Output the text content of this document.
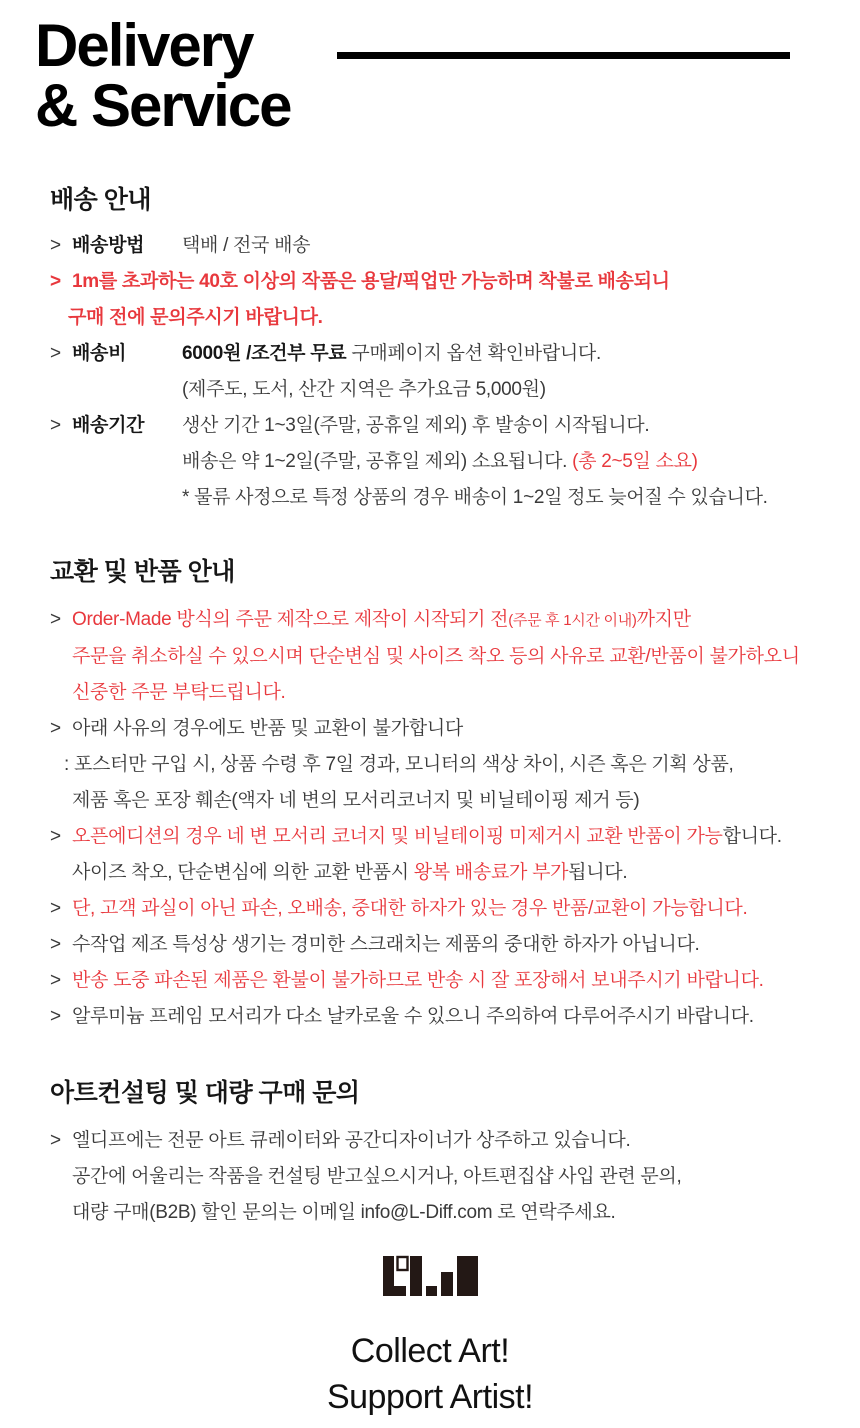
Delivery
& Service
배송 안내
> 배송방법	택배 / 전국 배송
> 1m를 초과하는 40호 이상의 작품은 용달/픽업만 가능하며 착불로 배송되니
구매 전에 문의주시기 바랍니다.
> 배송비	6000원 /조건부 무료 구매페이지 옵션 확인바랍니다.
(제주도, 도서, 산간 지역은 추가요금 5,000원)
> 배송기간	생산 기간 1~3일(주말, 공휴일 제외) 후 발송이 시작됩니다.
배송은 약 1~2일(주말, 공휴일 제외) 소요됩니다. (총 2~5일 소요)
* 물류 사정으로 특정 상품의 경우 배송이 1~2일 정도 늦어질 수 있습니다.
교환 및 반품 안내
> Order-Made 방식의 주문 제작으로 제작이 시작되기 전(주문 후 1시간 이내)까지만
주문을 취소하실 수 있으시며 단순변심 및 사이즈 착오 등의 사유로 교환/반품이 불가하오니
신중한 주문 부탁드립니다.
> 아래 사유의 경우에도 반품 및 교환이 불가합니다
: 포스터만 구입 시, 상품 수령 후 7일 경과, 모니터의 색상 차이, 시즌 혹은 기획 상품,
제품 혹은 포장 훼손(액자 네 변의 모서리코너지 및 비닐테이핑 제거 등)
> 오픈에디션의 경우 네 변 모서리 코너지 및 비닐테이핑 미제거시 교환 반품이 가능합니다.
사이즈 착오, 단순변심에 의한 교환 반품시 왕복 배송료가 부가됩니다.
> 단, 고객 과실이 아닌 파손, 오배송, 중대한 하자가 있는 경우 반품/교환이 가능합니다.
> 수작업 제조 특성상 생기는 경미한 스크래치는 제품의 중대한 하자가 아닙니다.
> 반송 도중 파손된 제품은 환불이 불가하므로 반송 시 잘 포장해서 보내주시기 바랍니다.
> 알루미늄 프레임 모서리가 다소 날카로울 수 있으니 주의하여 다루어주시기 바랍니다.
아트컨설팅 및 대량 구매 문의
> 엘디프에는 전문 아트 큐레이터와 공간디자이너가 상주하고 있습니다.
공간에 어울리는 작품을 컨설팅 받고싶으시거나, 아트편집샵 사입 관련 문의,
대량 구매(B2B) 할인 문의는 이메일 info@L-Diff.com 로 연락주세요.
Collect Art!
Support Artist!
